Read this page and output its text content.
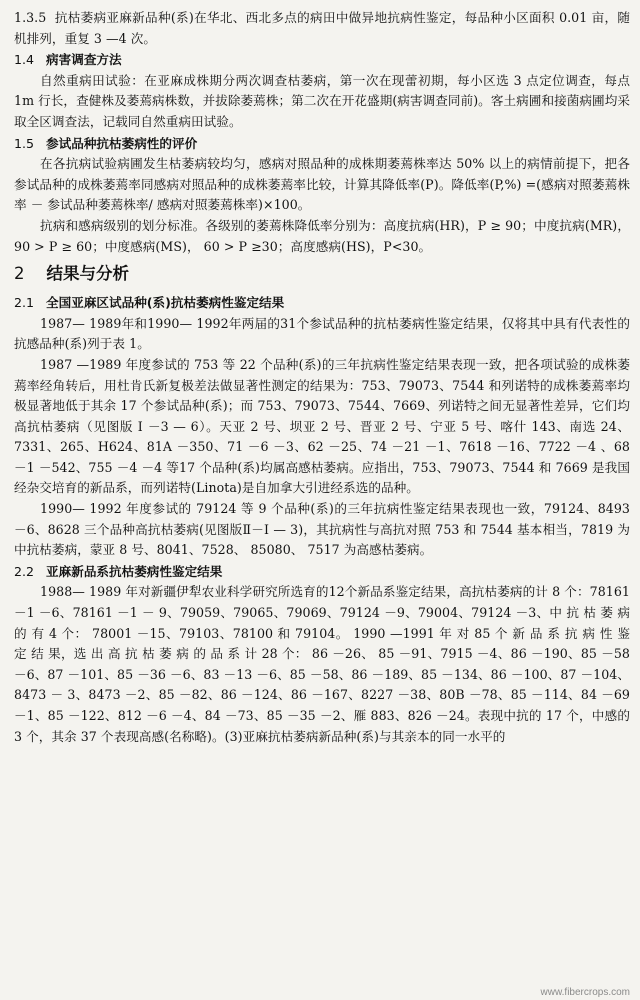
1.3.5 抗枯萎病亚麻新品种(系)在华北、西北多点的病田中做异地抗病性鉴定，每品种小区面积 0.01 亩，随机排列，重复 3 —4 次。

1.4 病害调查方法

自然重病田试验：在亚麻成株期分两次调查枯萎病，第一次在现蕾初期，每小区选 3 点定位调查，每点 1m 行长，查健株及萎蔫病株数，并拔除萎蔫株；第二次在开花盛期(病害调查同前)。客土病圃和接菌病圃均采取全区调查法，记载同自然重病田试验。

1.5 参试品种抗枯萎病性的评价

在各抗病试验病圃发生枯萎病较均匀，感病对照品种的成株期萎蔫株率达 50% 以上的病情前提下，把各参试品种的成株萎蔫率同感病对照品种的成株萎蔫率比较，计算其降低率(P)。降低率(P,%) =(感病对照萎蔫株率 － 参试品种萎蔫株率/ 感病对照萎蔫株率)×100。

抗病和感病级别的划分标准。各级别的萎蔫株降低率分别为：高度抗病(HR)，P ≥ 90；中度抗病(MR)，90 > P ≥ 60；中度感病(MS)， 60 > P ≥30；高度感病(HS)，P<30。

2 结果与分析
2.1 全国亚麻区试品种(系)抗枯萎病性鉴定结果

1987— 1989年和1990— 1992年两届的31个参试品种的抗枯萎病性鉴定结果，仅将其中具有代表性的抗感品种(系)列于表 1。

1987 —1989 年度参试的 753 等 22 个品种(系)的三年抗病性鉴定结果表现一致，把各项试验的成株萎蔫率经角转后，用杜肯氏新复极差法做显著性测定的结果为：753、79073、7544 和列诺特的成株萎蔫率均极显著地低于其余 17 个参试品种(系)；而 753、79073、7544、7669、列诺特之间无显著性差异，它们均高抗枯萎病（见图版 Ⅰ －3 — 6）。天亚 2 号、坝亚 2 号、晋亚 2 号、宁亚 5 号、喀什 143、南选 24、7331、265、H624、81A －350、71 －6 －3、62 －25、74 －21 －1、7618 －16、7722 －4 、68 －1 －542、755 －4 －4 等17 个品种(系)均属高感枯萎病。应指出，753、79073、7544 和 7669 是我国经杂交培育的新品系，而列诺特(Linota)是自加拿大引进经系选的品种。

1990— 1992 年度参试的 79124 等 9 个品种(系)的三年抗病性鉴定结果表现也一致，79124、8493 －6、8628 三个品种高抗枯萎病(见图版Ⅱ－Ⅰ — 3)，其抗病性与高抗对照 753 和 7544 基本相当，7819 为中抗枯萎病，蒙亚 8 号、8041、7528、 85080、 7517 为高感枯萎病。

2.2 亚麻新品系抗枯萎病性鉴定结果

1988— 1989 年对新疆伊犁农业科学研究所选育的12个新品系鉴定结果，高抗枯萎病的计 8 个：78161 －1 －6、78161 －1 － 9、79059、79065、79069、79124 －9、79004、79124 －3、中 抗 枯 萎 病 的 有 4 个： 78001 －15、79103、78100 和 79104。 1990 —1991 年 对 85 个 新 品 系 抗 病 性 鉴 定 结 果，选 出 高 抗 枯 萎 病 的 品 系 计 28 个： 86 －26、 85 －91、7915 －4、86 －190、85 －58 －6、87 －101、85 －36 －6、83 －13 －6、85 －58、86 －189、85 －134、86 －100、87 －104、 8473 － 3、8473 －2、85 －82、86 －124、86 －167、8227 －38、80B －78、85 －114、84 －69 －1、85 －122、812 －6 －4、84 －73、85 －35 －2、雁 883、826 －24。表现中抗的 17 个，中感的 3 个，其余 37 个表现高感(名称略)。(3)亚麻抗枯萎病新品种(系)与其亲本的同一水平的

www.fibercrops.com
